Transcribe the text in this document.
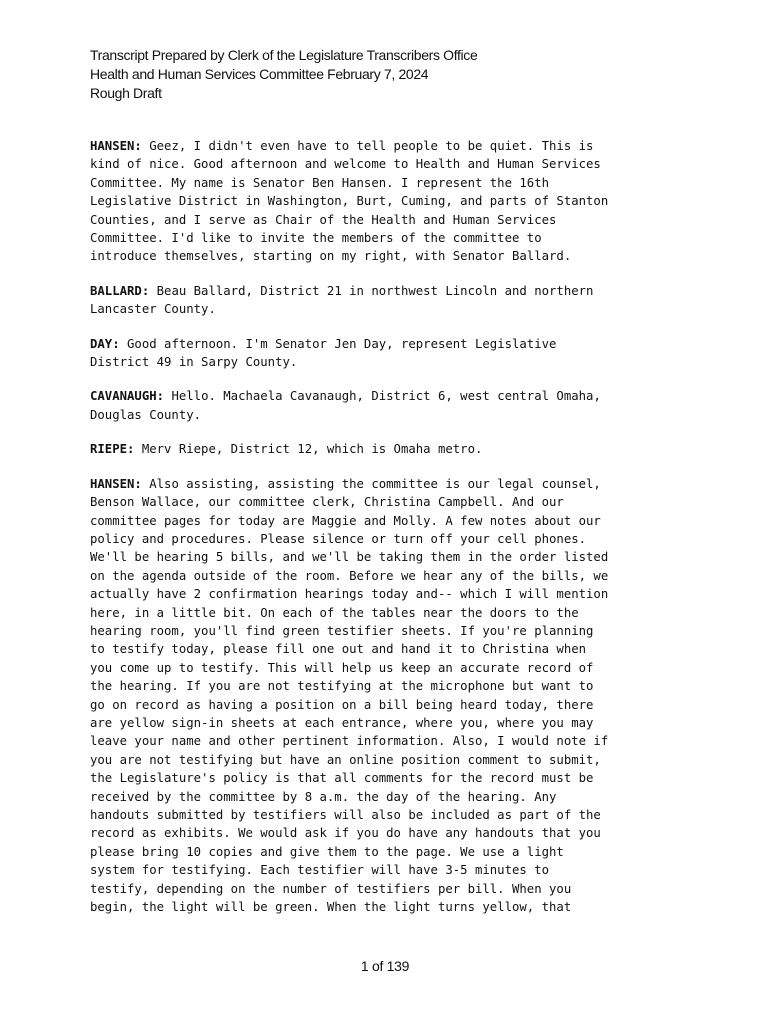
Transcript Prepared by Clerk of the Legislature Transcribers Office
Health and Human Services Committee February 7, 2024
Rough Draft

HANSEN: Geez, I didn't even have to tell people to be quiet. This is
kind of nice. Good afternoon and welcome to Health and Human Services
Committee. My name is Senator Ben Hansen. I represent the 16th
Legislative District in Washington, Burt, Cuming, and parts of Stanton
Counties, and I serve as Chair of the Health and Human Services
Committee. I'd like to invite the members of the committee to
introduce themselves, starting on my right, with Senator Ballard.

BALLARD: Beau Ballard, District 21 in northwest Lincoln and northern
Lancaster County.

DAY: Good afternoon. I'm Senator Jen Day, represent Legislative
District 49 in Sarpy County.

CAVANAUGH: Hello. Machaela Cavanaugh, District 6, west central Omaha,
Douglas County.

RIEPE: Merv Riepe, District 12, which is Omaha metro.

HANSEN: Also assisting, assisting the committee is our legal counsel,
Benson Wallace, our committee clerk, Christina Campbell. And our
committee pages for today are Maggie and Molly. A few notes about our
policy and procedures. Please silence or turn off your cell phones.
We'll be hearing 5 bills, and we'll be taking them in the order listed
on the agenda outside of the room. Before we hear any of the bills, we
actually have 2 confirmation hearings today and-- which I will mention
here, in a little bit. On each of the tables near the doors to the
hearing room, you'll find green testifier sheets. If you're planning
to testify today, please fill one out and hand it to Christina when
you come up to testify. This will help us keep an accurate record of
the hearing. If you are not testifying at the microphone but want to
go on record as having a position on a bill being heard today, there
are yellow sign-in sheets at each entrance, where you, where you may
leave your name and other pertinent information. Also, I would note if
you are not testifying but have an online position comment to submit,
the Legislature's policy is that all comments for the record must be
received by the committee by 8 a.m. the day of the hearing. Any
handouts submitted by testifiers will also be included as part of the
record as exhibits. We would ask if you do have any handouts that you
please bring 10 copies and give them to the page. We use a light
system for testifying. Each testifier will have 3-5 minutes to
testify, depending on the number of testifiers per bill. When you
begin, the light will be green. When the light turns yellow, that

1 of 139
